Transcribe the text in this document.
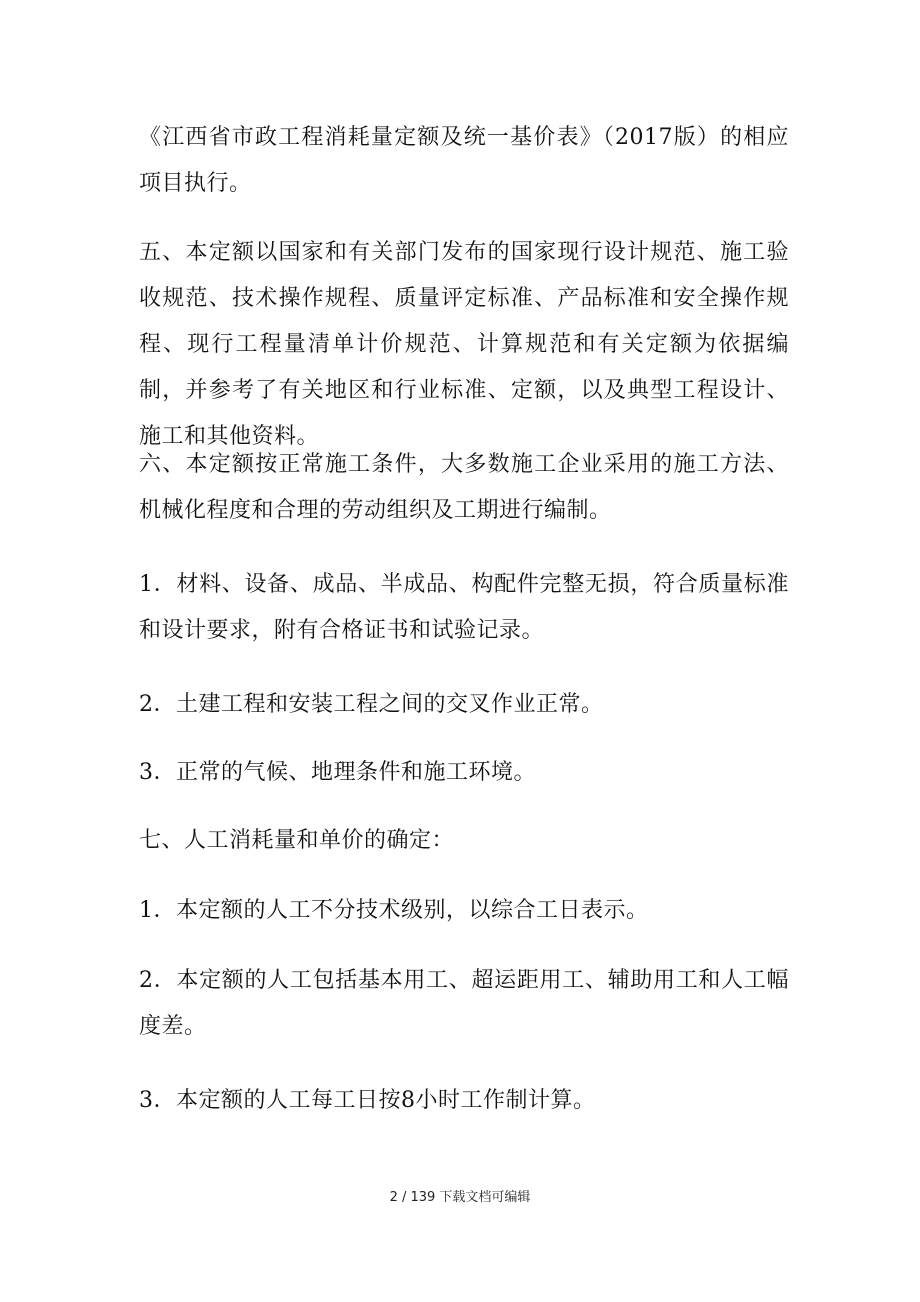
《江西省市政工程消耗量定额及统一基价表》（2017版）的相应项目执行。

五、本定额以国家和有关部门发布的国家现行设计规范、施工验收规范、技术操作规程、质量评定标准、产品标准和安全操作规程、现行工程量清单计价规范、计算规范和有关定额为依据编制，并参考了有关地区和行业标准、定额，以及典型工程设计、施工和其他资料。

六、本定额按正常施工条件，大多数施工企业采用的施工方法、机械化程度和合理的劳动组织及工期进行编制。

1．材料、设备、成品、半成品、构配件完整无损，符合质量标准和设计要求，附有合格证书和试验记录。

2．土建工程和安装工程之间的交叉作业正常。

3．正常的气候、地理条件和施工环境。

七、人工消耗量和单价的确定：

1．本定额的人工不分技术级别，以综合工日表示。

2．本定额的人工包括基本用工、超运距用工、辅助用工和人工幅度差。

3．本定额的人工每工日按8小时工作制计算。

2 / 139 下载文档可编辑
